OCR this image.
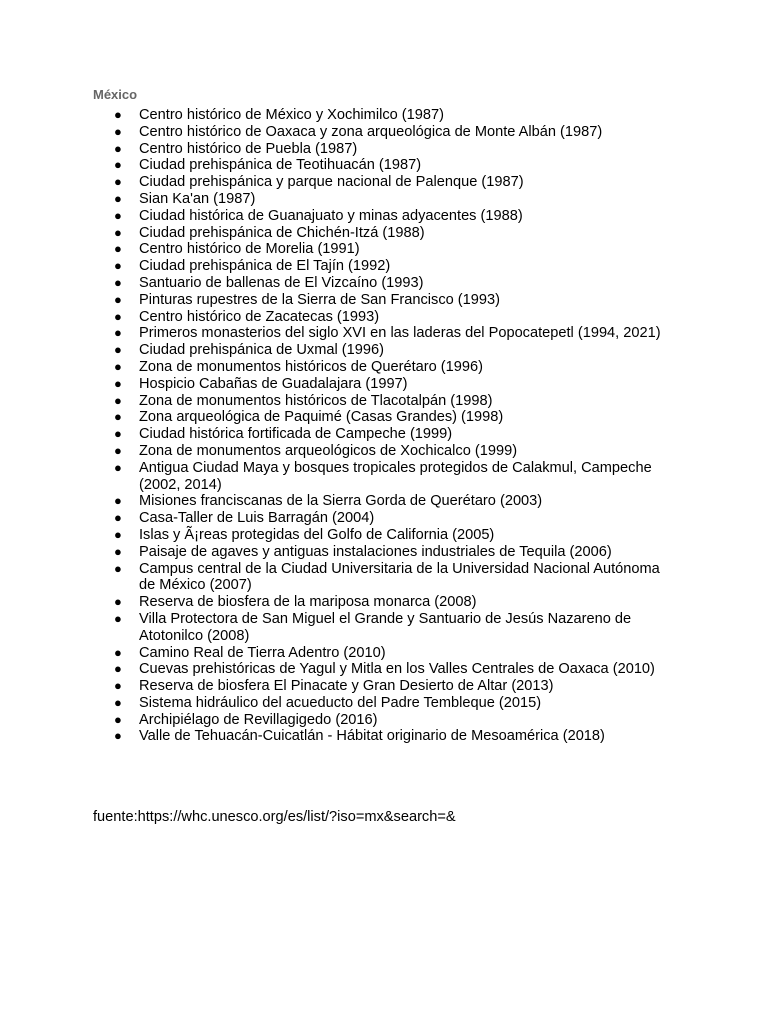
México
● Centro histórico de México y Xochimilco (1987)
● Centro histórico de Oaxaca y zona arqueológica de Monte Albán (1987)
● Centro histórico de Puebla (1987)
● Ciudad prehispánica de Teotihuacán (1987)
● Ciudad prehispánica y parque nacional de Palenque (1987)
● Sian Ka'an (1987)
● Ciudad histórica de Guanajuato y minas adyacentes (1988)
● Ciudad prehispánica de Chichén-Itzá (1988)
● Centro histórico de Morelia (1991)
● Ciudad prehispánica de El Tajín (1992)
● Santuario de ballenas de El Vizcaíno (1993)
● Pinturas rupestres de la Sierra de San Francisco (1993)
● Centro histórico de Zacatecas (1993)
● Primeros monasterios del siglo XVI en las laderas del Popocatepetl (1994, 2021)
● Ciudad prehispánica de Uxmal (1996)
● Zona de monumentos históricos de Querétaro (1996)
● Hospicio Cabañas de Guadalajara (1997)
● Zona de monumentos históricos de Tlacotalpán (1998)
● Zona arqueológica de Paquimé (Casas Grandes) (1998)
● Ciudad histórica fortificada de Campeche (1999)
● Zona de monumentos arqueológicos de Xochicalco (1999)
● Antigua Ciudad Maya y bosques tropicales protegidos de Calakmul, Campeche (2002, 2014)
● Misiones franciscanas de la Sierra Gorda de Querétaro (2003)
● Casa-Taller de Luis Barragán (2004)
● Islas y Ã¡reas protegidas del Golfo de California (2005)
● Paisaje de agaves y antiguas instalaciones industriales de Tequila (2006)
● Campus central de la Ciudad Universitaria de la Universidad Nacional Autónoma de México (2007)
● Reserva de biosfera de la mariposa monarca (2008)
● Villa Protectora de San Miguel el Grande y Santuario de Jesús Nazareno de Atotonilco (2008)
● Camino Real de Tierra Adentro (2010)
● Cuevas prehistóricas de Yagul y Mitla en los Valles Centrales de Oaxaca (2010)
● Reserva de biosfera El Pinacate y Gran Desierto de Altar (2013)
● Sistema hidráulico del acueducto del Padre Tembleque (2015)
● Archipiélago de Revillagigedo (2016)
● Valle de Tehuacán-Cuicatlán - Hábitat originario de Mesoamérica (2018)
fuente:https://whc.unesco.org/es/list/?iso=mx&search=&
